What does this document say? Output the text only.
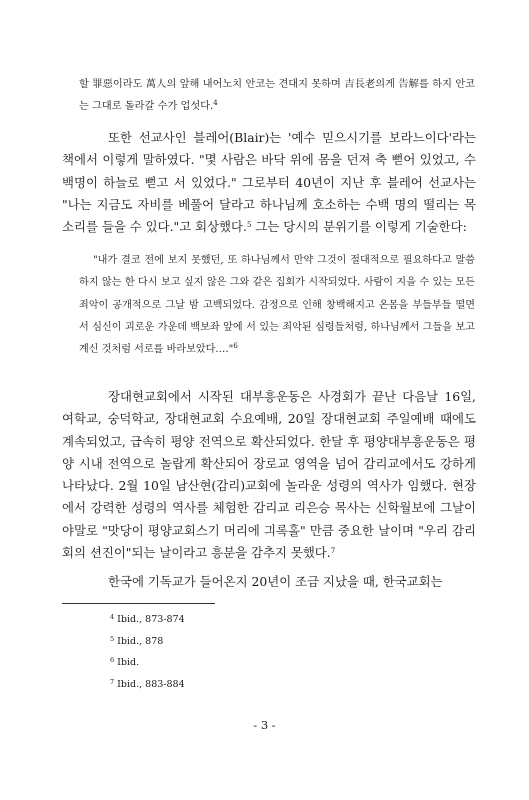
할 罪惡이라도 萬人의 앞해 내어노치 안코는 견대지 못하며 吉長老의게 告解를 하지 안코는 그대로 돌라갈 수가 업섯다.$^4$

또한 선교사인 블레어(Blair)는 '예수 믿으시기를 보라느이다'라는 책에서 이렇게 말하였다. "몇 사람은 바닥 위에 몸을 던져 축 뻗어 있었고, 수백명이 하늘로 뻗고 서 있었다." 그로부터 40년이 지난 후 블레어 선교사는 "나는 지금도 자비를 베풀어 달라고 하나님께 호소하는 수백 명의 떨리는 목소리를 들을 수 있다."고 회상했다.$^5$ 그는 당시의 분위기를 이렇게 기술한다:

"내가 결코 전에 보지 못했던, 또 하나님께서 만약 그것이 절대적으로 필요하다고 말씀하지 않는 한 다시 보고 싶지 않은 그와 같은 집회가 시작되었다. 사람이 지을 수 있는 모든 죄악이 공개적으로 그날 밤 고백되었다. 감정으로 인해 창백해지고 온몸을 부들부들 떨면서 심신이 괴로운 가운데 백보좌 앞에 서 있는 죄악된 심령들처럼, 하나님께서 그들을 보고 계신 것처럼 서로를 바라보았다.…"$^6$

장대현교회에서 시작된 대부흥운동은 사경회가 끝난 다음날 16일, 여학교, 숭덕학교, 장대현교회 수요예배, 20일 장대현교회 주일예배 때에도 계속되었고, 급속히 평양 전역으로 확산되었다. 한달 후 평양대부흥운동은 평양 시내 전역으로 놀랍게 확산되어 장로교 영역을 넘어 감리교에서도 강하게 나타났다. 2월 10일 남산현(감리)교회에 놀라운 성령의 역사가 임했다. 현장에서 강력한 성령의 역사를 체험한 감리교 리은승 목사는 신학월보에 그날이야말로 "맛당이 평양교회스기 머리에 긔록홀" 만큼 중요한 날이며 "우리 감리회의 션진이"되는 날이라고 흥분을 감추지 못했다.$^7$

한국에 기독교가 들어온지 20년이 조금 지났을 때, 한국교회는

$^4$ Ibid., 873-874
$^5$ Ibid., 878
$^6$ Ibid.
$^7$ Ibid., 883-884
- 3 -
